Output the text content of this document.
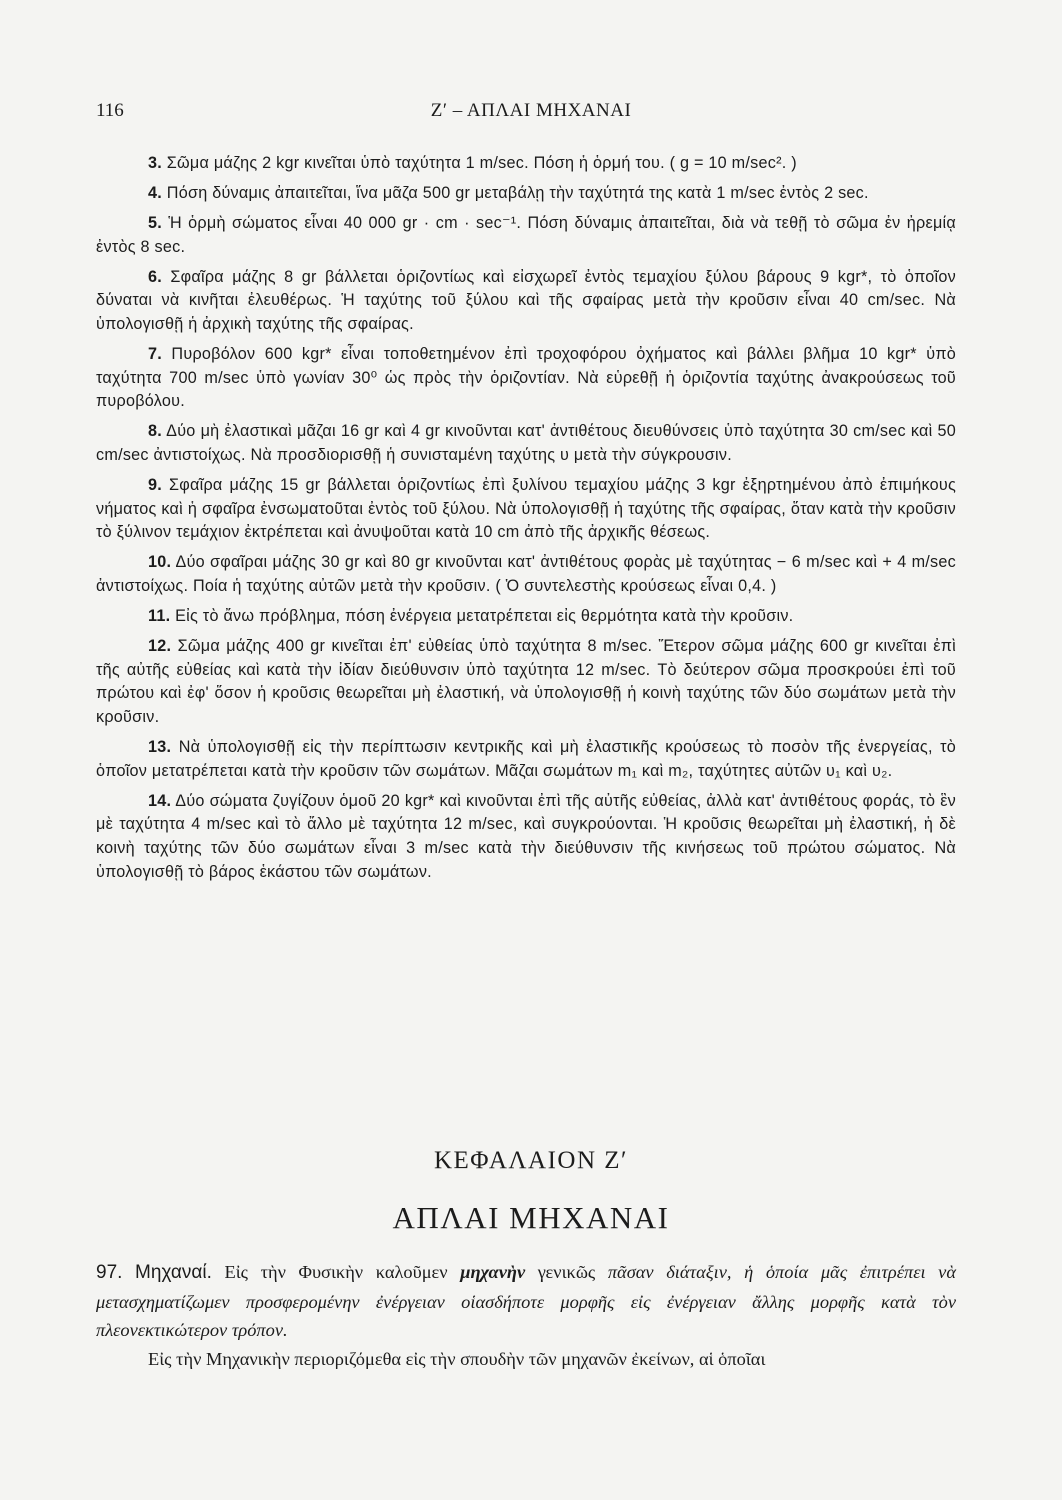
116	Ζ′ – ΑΠΛΑΙ ΜΗΧΑΝΑΙ

3. Σῶμα μάζης 2 kgr κινεῖται ὑπὸ ταχύτητα 1 m/sec. Πόση ἡ ὁρμή του. ( g = 10 m/sec². )

4. Πόση δύναμις ἀπαιτεῖται, ἵνα μᾶζα 500 gr μεταβάλῃ τὴν ταχύτητά της κατὰ 1 m/sec ἐντὸς 2 sec.

5. Ἡ ὁρμὴ σώματος εἶναι 40 000 gr · cm · sec⁻¹. Πόση δύναμις ἀπαιτεῖται, διὰ νὰ τεθῇ τὸ σῶμα ἐν ἠρεμίᾳ ἐντὸς 8 sec.

6. Σφαῖρα μάζης 8 gr βάλλεται ὁριζοντίως καὶ εἰσχωρεῖ ἐντὸς τεμαχίου ξύλου βάρους 9 kgr*, τὸ ὁποῖον δύναται νὰ κινῆται ἐλευθέρως. Ἡ ταχύτης τοῦ ξύλου καὶ τῆς σφαίρας μετὰ τὴν κροῦσιν εἶναι 40 cm/sec. Νὰ ὑπολογισθῇ ἡ ἀρχικὴ ταχύτης τῆς σφαίρας.

7. Πυροβόλον 600 kgr* εἶναι τοποθετημένον ἐπὶ τροχοφόρου ὀχήματος καὶ βάλλει βλῆμα 10 kgr* ὑπὸ ταχύτητα 700 m/sec ὑπὸ γωνίαν 30⁰ ὡς πρὸς τὴν ὁριζοντίαν. Νὰ εὑρεθῇ ἡ ὁριζοντία ταχύτης ἀνακρούσεως τοῦ πυροβόλου.

8. Δύο μὴ ἐλαστικαὶ μᾶζαι 16 gr καὶ 4 gr κινοῦνται κατ' ἀντιθέτους διευθύνσεις ὑπὸ ταχύτητα 30 cm/sec καὶ 50 cm/sec ἀντιστοίχως. Νὰ προσδιορισθῇ ἡ συνισταμένη ταχύτης υ μετὰ τὴν σύγκρουσιν.

9. Σφαῖρα μάζης 15 gr βάλλεται ὁριζοντίως ἐπὶ ξυλίνου τεμαχίου μάζης 3 kgr ἐξηρτημένου ἀπὸ ἐπιμήκους νήματος καὶ ἡ σφαῖρα ἐνσωματοῦται ἐντὸς τοῦ ξύλου. Νὰ ὑπολογισθῇ ἡ ταχύτης τῆς σφαίρας, ὅταν κατὰ τὴν κροῦσιν τὸ ξύλινον τεμάχιον ἐκτρέπεται καὶ ἀνυψοῦται κατὰ 10 cm ἀπὸ τῆς ἀρχικῆς θέσεως.

10. Δύο σφαῖραι μάζης 30 gr καὶ 80 gr κινοῦνται κατ' ἀντιθέτους φορὰς μὲ ταχύτητας − 6 m/sec καὶ + 4 m/sec ἀντιστοίχως. Ποία ἡ ταχύτης αὐτῶν μετὰ τὴν κροῦσιν. ( Ὁ συντελεστὴς κρούσεως εἶναι 0,4. )

11. Εἰς τὸ ἄνω πρόβλημα, πόση ἐνέργεια μετατρέπεται εἰς θερμότητα κατὰ τὴν κροῦσιν.

12. Σῶμα μάζης 400 gr κινεῖται ἐπ' εὐθείας ὑπὸ ταχύτητα 8 m/sec. Ἕτερον σῶμα μάζης 600 gr κινεῖται ἐπὶ τῆς αὐτῆς εὐθείας καὶ κατὰ τὴν ἰδίαν διεύθυνσιν ὑπὸ ταχύτητα 12 m/sec. Τὸ δεύτερον σῶμα προσκρούει ἐπὶ τοῦ πρώτου καὶ ἐφ' ὅσον ἡ κροῦσις θεωρεῖται μὴ ἐλαστική, νὰ ὑπολογισθῇ ἡ κοινὴ ταχύτης τῶν δύο σωμάτων μετὰ τὴν κροῦσιν.

13. Νὰ ὑπολογισθῇ εἰς τὴν περίπτωσιν κεντρικῆς καὶ μὴ ἐλαστικῆς κρούσεως τὸ ποσὸν τῆς ἐνεργείας, τὸ ὁποῖον μετατρέπεται κατὰ τὴν κροῦσιν τῶν σωμάτων. Μᾶζαι σωμάτων m₁ καὶ m₂, ταχύτητες αὐτῶν υ₁ καὶ υ₂.

14. Δύο σώματα ζυγίζουν ὁμοῦ 20 kgr* καὶ κινοῦνται ἐπὶ τῆς αὐτῆς εὐθείας, ἀλλὰ κατ' ἀντιθέτους φοράς, τὸ ἓν μὲ ταχύτητα 4 m/sec καὶ τὸ ἄλλο μὲ ταχύτητα 12 m/sec, καὶ συγκρούονται. Ἡ κροῦσις θεωρεῖται μὴ ἐλαστική, ἡ δὲ κοινὴ ταχύτης τῶν δύο σωμάτων εἶναι 3 m/sec κατὰ τὴν διεύθυνσιν τῆς κινήσεως τοῦ πρώτου σώματος. Νὰ ὑπολογισθῇ τὸ βάρος ἑκάστου τῶν σωμάτων.

ΚΕΦΑΛΑΙΟΝ Ζ′
ΑΠΛΑΙ ΜΗΧΑΝΑΙ

97. Μηχαναί. Εἰς τὴν Φυσικὴν καλοῦμεν μηχανὴν γενικῶς πᾶσαν διάταξιν, ἡ ὁποία μᾶς ἐπιτρέπει νὰ μετασχηματίζωμεν προσφερομένην ἐνέργειαν οἱασδήποτε μορφῆς εἰς ἐνέργειαν ἄλλης μορφῆς κατὰ τὸν πλεονεκτικώτερον τρόπον.

Εἰς τὴν Μηχανικὴν περιοριζόμεθα εἰς τὴν σπουδὴν τῶν μηχανῶν ἐκείνων, αἱ ὁποῖαι
